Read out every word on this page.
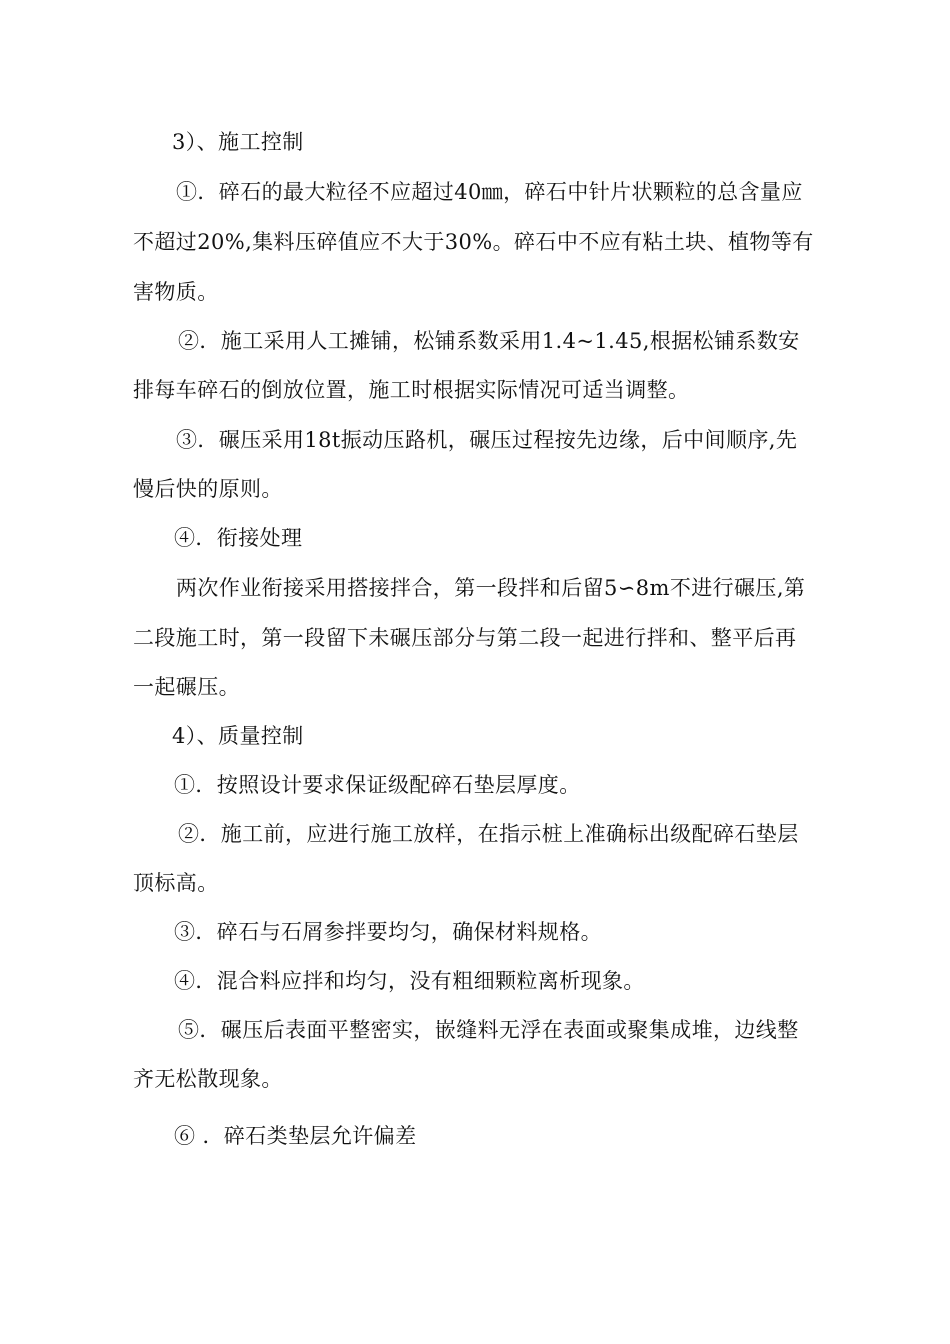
3）、施工控制
①．碎石的最大粒径不应超过40㎜，碎石中针片状颗粒的总含量应
不超过20%,集料压碎值应不大于30%。碎石中不应有粘土块、植物等有
害物质。
②．施工采用人工摊铺，松铺系数采用1.4~1.45,根据松铺系数安
排每车碎石的倒放位置，施工时根据实际情况可适当调整。
③．碾压采用18t振动压路机，碾压过程按先边缘，后中间顺序,先
慢后快的原则。
④．衔接处理
两次作业衔接采用搭接拌合，第一段拌和后留5∽8m不进行碾压,第
二段施工时，第一段留下未碾压部分与第二段一起进行拌和、整平后再
一起碾压。
4）、质量控制
①．按照设计要求保证级配碎石垫层厚度。
②．施工前，应进行施工放样，在指示桩上准确标出级配碎石垫层
顶标高。
③．碎石与石屑参拌要均匀，确保材料规格。
④．混合料应拌和均匀，没有粗细颗粒离析现象。
⑤．碾压后表面平整密实，嵌缝料无浮在表面或聚集成堆，边线整
齐无松散现象。
⑥ ．碎石类垫层允许偏差
